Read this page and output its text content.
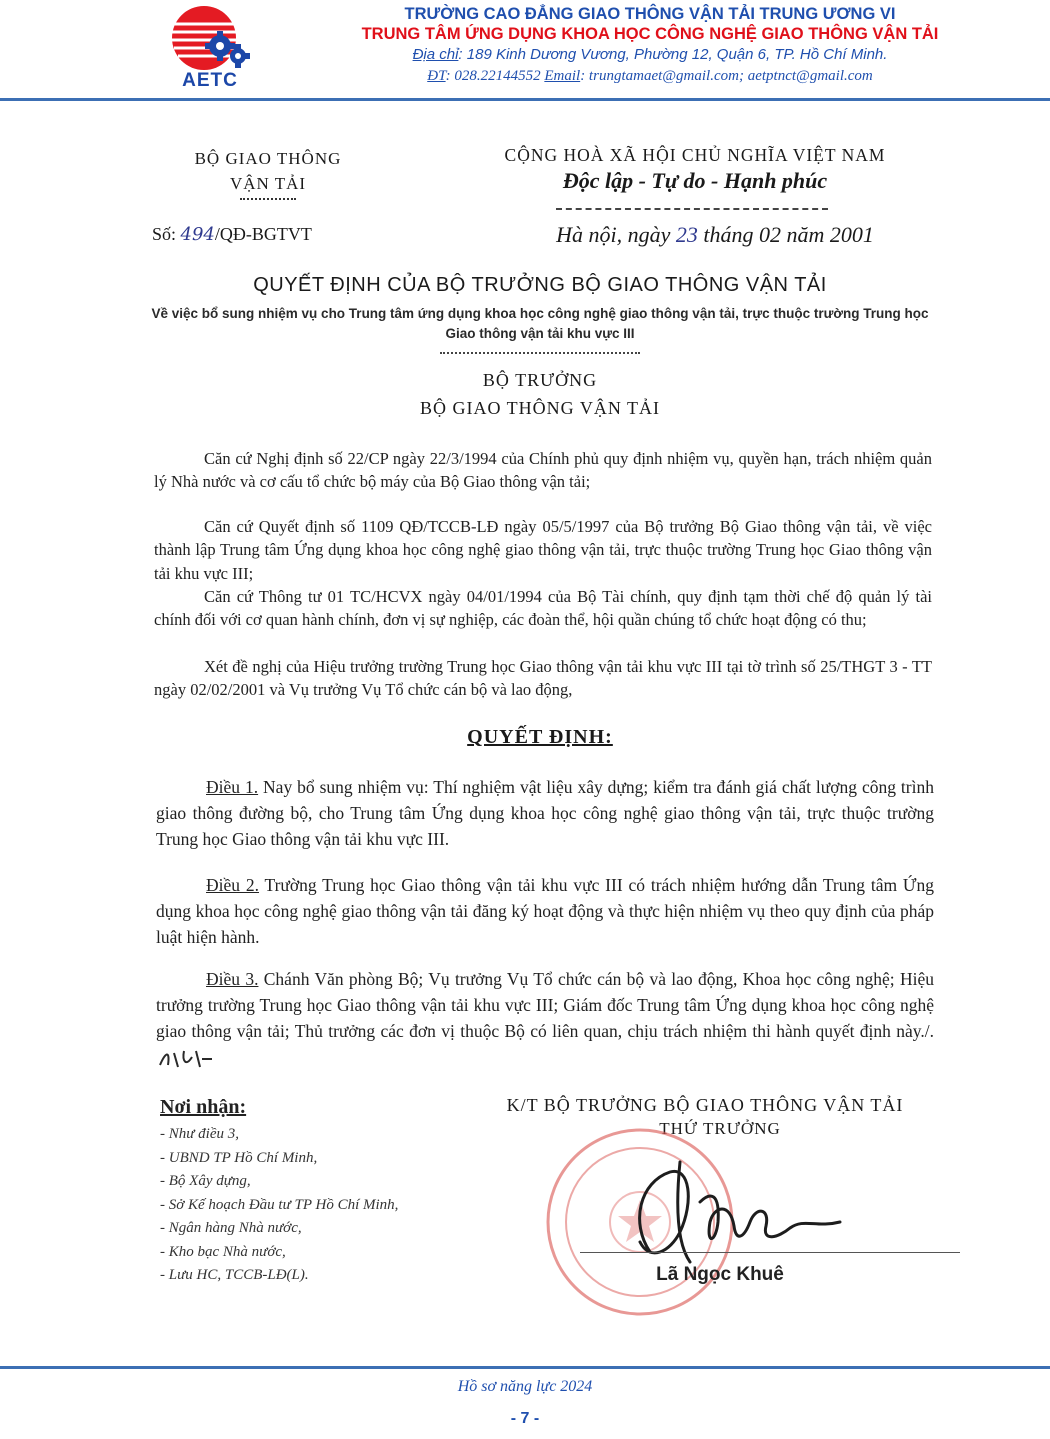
AETC
TRƯỜNG CAO ĐẲNG GIAO THÔNG VẬN TẢI TRUNG ƯƠNG VI
TRUNG TÂM ỨNG DỤNG KHOA HỌC CÔNG NGHỆ GIAO THÔNG VẬN TẢI
Địa chỉ: 189 Kinh Dương Vương, Phường 12, Quận 6, TP. Hồ Chí Minh.
ĐT: 028.22144552 Email: trungtamaet@gmail.com; aetptnct@gmail.com
BỘ GIAO THÔNG
VẬN TẢI
Số: 494/QĐ-BGTVT
CỘNG HOÀ XÃ HỘI CHỦ NGHĨA VIỆT NAM
Độc lập - Tự do - Hạnh phúc
Hà nội, ngày 23 tháng 02 năm 2001
QUYẾT ĐỊNH CỦA BỘ TRƯỞNG BỘ GIAO THÔNG VẬN TẢI
Về việc bổ sung nhiệm vụ cho Trung tâm ứng dụng khoa học công nghệ giao thông vận tải, trực thuộc trường Trung học Giao thông vận tải khu vực III
BỘ TRƯỞNG
BỘ GIAO THÔNG VẬN TẢI
Căn cứ Nghị định số 22/CP ngày 22/3/1994 của Chính phủ quy định nhiệm vụ, quyền hạn, trách nhiệm quản lý Nhà nước và cơ cấu tổ chức bộ máy của Bộ Giao thông vận tải;
Căn cứ Quyết định số 1109 QĐ/TCCB-LĐ ngày 05/5/1997 của Bộ trưởng Bộ Giao thông vận tải, về việc thành lập Trung tâm Ứng dụng khoa học công nghệ giao thông vận tải, trực thuộc trường Trung học Giao thông vận tải khu vực III;
Căn cứ Thông tư 01 TC/HCVX ngày 04/01/1994 của Bộ Tài chính, quy định tạm thời chế độ quản lý tài chính đối với cơ quan hành chính, đơn vị sự nghiệp, các đoàn thể, hội quần chúng tổ chức hoạt động có thu;
Xét đề nghị của Hiệu trưởng trường Trung học Giao thông vận tải khu vực III tại tờ trình số 25/THGT 3 - TT ngày 02/02/2001 và Vụ trưởng Vụ Tổ chức cán bộ và lao động,
QUYẾT ĐỊNH:
Điều 1. Nay bổ sung nhiệm vụ: Thí nghiệm vật liệu xây dựng; kiểm tra đánh giá chất lượng công trình giao thông đường bộ, cho Trung tâm Ứng dụng khoa học công nghệ giao thông vận tải, trực thuộc trường Trung học Giao thông vận tải khu vực III.
Điều 2. Trường Trung học Giao thông vận tải khu vực III có trách nhiệm hướng dẫn Trung tâm Ứng dụng khoa học công nghệ giao thông vận tải đăng ký hoạt động và thực hiện nhiệm vụ theo quy định của pháp luật hiện hành.
Điều 3. Chánh Văn phòng Bộ; Vụ trưởng Vụ Tổ chức cán bộ và lao động, Khoa học công nghệ; Hiệu trưởng trường Trung học Giao thông vận tải khu vực III; Giám đốc Trung tâm Ứng dụng khoa học công nghệ giao thông vận tải; Thủ trưởng các đơn vị thuộc Bộ có liên quan, chịu trách nhiệm thi hành quyết định này./.
Nơi nhận:
- Như điều 3,
- UBND TP Hồ Chí Minh,
- Bộ Xây dựng,
- Sở Kế hoạch Đầu tư TP Hồ Chí Minh,
- Ngân hàng Nhà nước,
- Kho bạc Nhà nước,
- Lưu HC, TCCB-LĐ(L).
K/T BỘ TRƯỞNG BỘ GIAO THÔNG VẬN TẢI
THỨ TRƯỞNG
Lã Ngọc Khuê
Hồ sơ năng lực 2024
- 7 -
